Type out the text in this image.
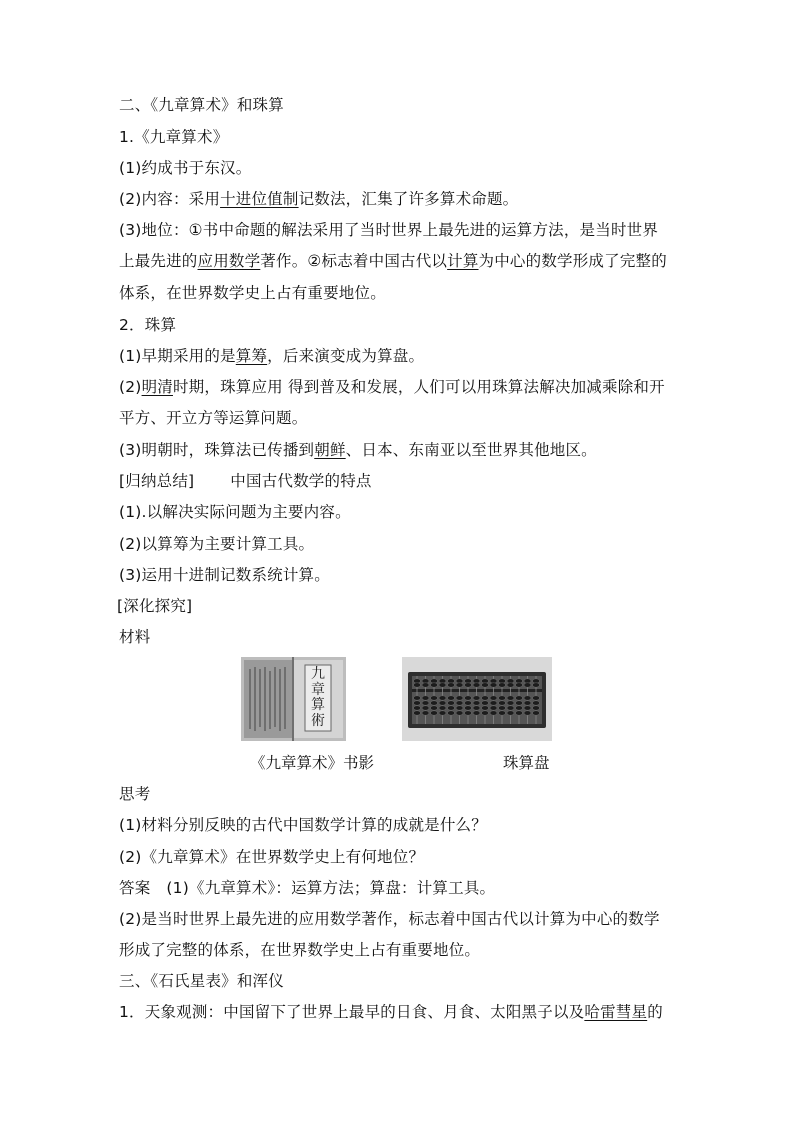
二、《九章算术》和珠算
1.《九章算术》
(1)约成书于东汉。
(2)内容：采用十进位值制记数法，汇集了许多算术命题。
(3)地位：①书中命题的解法采用了当时世界上最先进的运算方法，是当时世界
上最先进的应用数学著作。②标志着中国古代以计算为中心的数学形成了完整的
体系，在世界数学史上占有重要地位。
2．珠算
(1)早期采用的是算筹，后来演变成为算盘。
(2)明清时期，珠算应用 得到普及和发展，人们可以用珠算法解决加减乘除和开
平方、开立方等运算问题。
(3)明朝时，珠算法已传播到朝鲜、日本、东南亚以至世界其他地区。
[归纳总结] 中国古代数学的特点
(1).以解决实际问题为主要内容。
(2)以算筹为主要计算工具。
(3)运用十进制记数系统计算。
[深化探究]
材料
九章算術
《九章算术》书影	珠算盘
思考
(1)材料分别反映的古代中国数学计算的成就是什么？
(2)《九章算术》在世界数学史上有何地位？
答案 (1)《九章算术》：运算方法；算盘：计算工具。
(2)是当时世界上最先进的应用数学著作，标志着中国古代以计算为中心的数学
形成了完整的体系，在世界数学史上占有重要地位。
三、《石氏星表》和浑仪
1．天象观测：中国留下了世界上最早的日食、月食、太阳黑子以及哈雷彗星的
